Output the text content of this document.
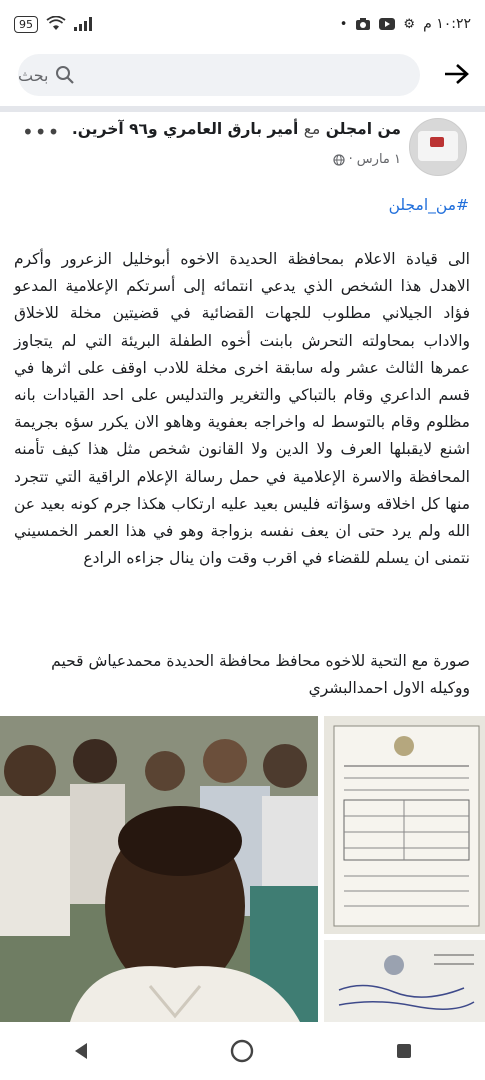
95	•	⚙ ١٠:٢٢ م
بحث
من امجلن مع أمير بارق العامري و٩٦ آخرين.
١ مارس
·
•••
#من_امجلن

الى قيادة الاعلام بمحافظة الحديدة الاخوه أبوخليل الزعرور وأكرم الاهدل هذا الشخص الذي يدعي انتمائه إلى أسرتكم الإعلامية المدعو فؤاد الجيلاني مطلوب للجهات القضائية في قضيتين مخلة للاخلاق والاداب بمحاولته التحرش بابنت أخوه الطفلة البريئة التي لم يتجاوز عمرها الثالث عشر وله سابقة اخرى مخلة للادب اوقف على اثرها في قسم الداعري وقام بالتباكي والتغرير والتدليس على احد القيادات بانه مظلوم وقام بالتوسط له واخراجه بعفوية وهاهو الان يكرر سؤه بجريمة اشنع لايقبلها العرف ولا الدين ولا القانون شخص مثل هذا كيف تأمنه المحافظة والاسرة الإعلامية في حمل رسالة الإعلام الراقية التي تتجرد منها كل اخلاقه وسؤاته فليس بعيد عليه ارتكاب هكذا جرم كونه بعيد عن الله ولم يرد حتى ان يعف نفسه بزواجة وهو في هذا العمر الخمسيني نتمنى ان يسلم للقضاء في اقرب وقت وان ينال جزاءه الرادع

صورة مع التحية للاخوه محافظ محافظة الحديدة محمدعياش قحيم ووكيله الاول احمدالبشري
